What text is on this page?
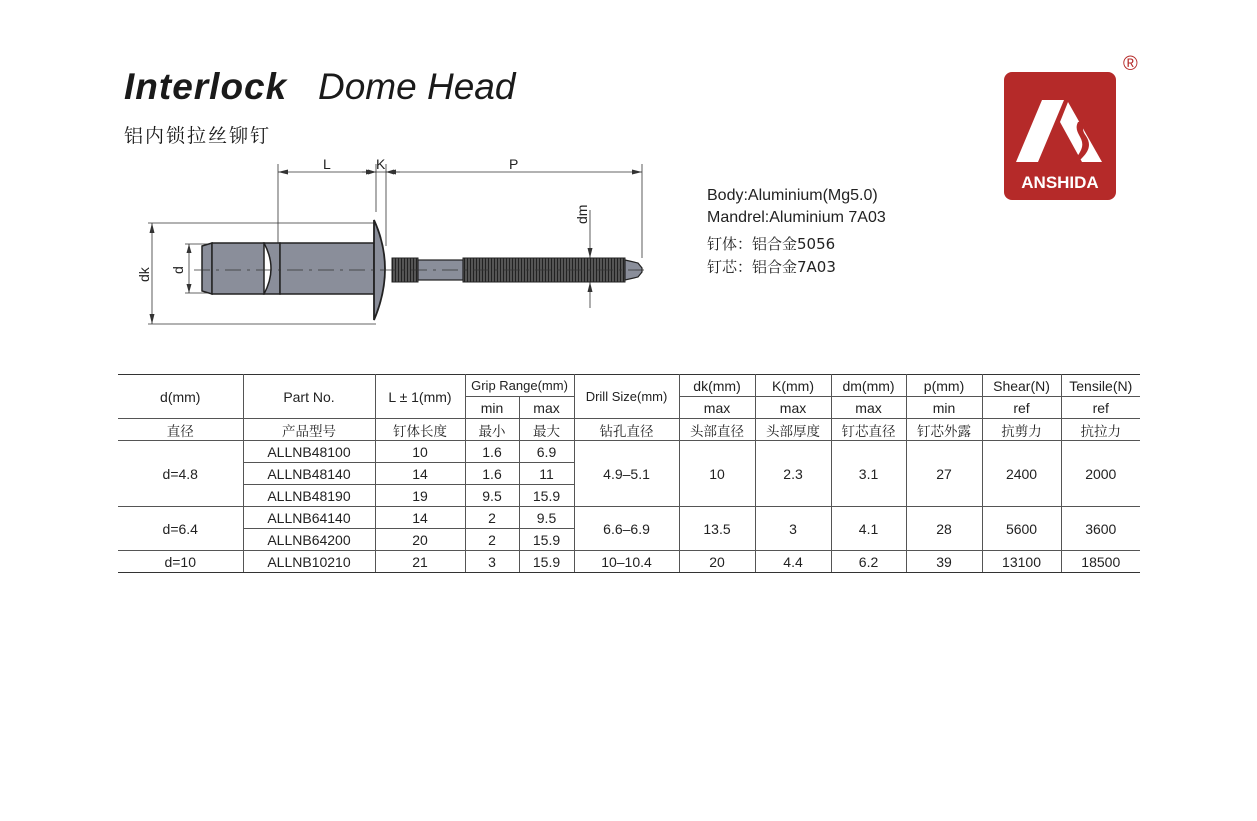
Interlock Dome Head
铝内锁拉丝铆钉
L	K	P
dk d
dm
Body:Aluminium(Mg5.0)
Mandrel:Aluminium 7A03
钉体：铝合金5056
钉芯：铝合金7A03
ANSHIDA
®
d(mm)	Part No.	L ± 1(mm)	Grip Range(mm)		Drill Size(mm)	dk(mm)	K(mm)	dm(mm)	p(mm)	Shear(N)	Tensile(N)
			min	max		max	max	max	min	ref	ref
直径	产品型号	钉体长度	最小	最大	钻孔直径	头部直径	头部厚度	钉芯直径	钉芯外露	抗剪力	抗拉力
d=4.8	ALLNB48100	10	1.6	6.9	4.9–5.1	10	2.3	3.1	27	2400	2000
	ALLNB48140	14	1.6	11							
	ALLNB48190	19	9.5	15.9							
d=6.4	ALLNB64140	14	2	9.5	6.6–6.9	13.5	3	4.1	28	5600	3600
	ALLNB64200	20	2	15.9							
d=10	ALLNB10210	21	3	15.9	10–10.4	20	4.4	6.2	39	13100	18500
